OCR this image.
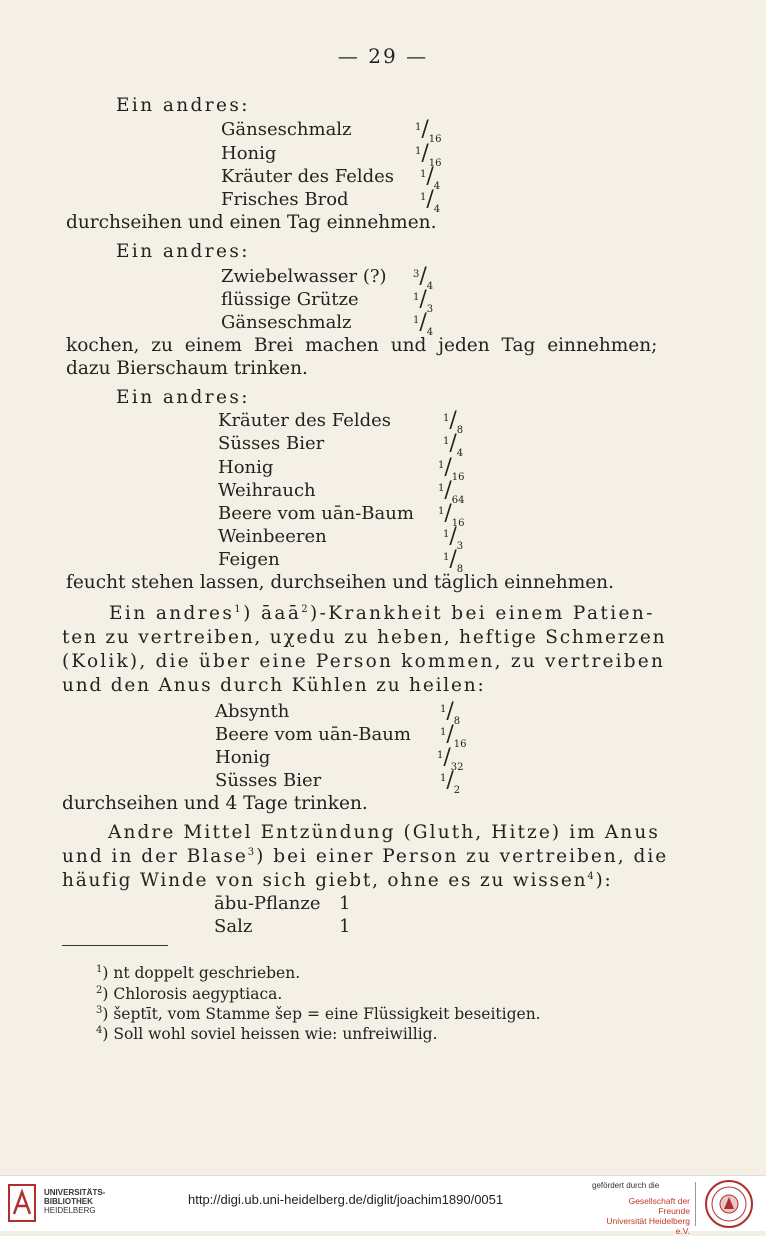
— 29 —
Ein andres:
Gänseschmalz	$^1/_{16}$
Honig	$^1/_{16}$
Kräuter des Feldes	$^1/_4$
Frisches Brod	$^1/_4$
durchseihen und einen Tag einnehmen.
Ein andres:
Zwiebelwasser (?)	$^3/_4$
flüssige Grütze	$^1/_3$
Gänseschmalz	$^1/_4$
kochen, zu einem Brei machen und jeden Tag einnehmen;
dazu Bierschaum trinken.
Ein andres:
Kräuter des Feldes	$^1/_8$
Süsses Bier	$^1/_4$
Honig	$^1/_{16}$
Weihrauch	$^1/_{64}$
Beere vom uān-Baum $^1/_{16}$
Weinbeeren	$^1/_3$
Feigen	$^1/_8$
feucht stehen lassen, durchseihen und täglich einnehmen.
Ein andres$^1$) āaā$^2$)-Krankheit bei einem Patien-
ten zu vertreiben, uχedu zu heben, heftige Schmerzen
(Kolik), die über eine Person kommen, zu vertreiben
und den Anus durch Kühlen zu heilen:
Absynth	$^1/_8$
Beere vom uān-Baum	$^1/_{16}$
Honig	$^1/_{32}$
Süsses Bier	$^1/_2$
durchseihen und 4 Tage trinken.
Andre Mittel Entzündung (Gluth, Hitze) im Anus
und in der Blase$^3$) bei einer Person zu vertreiben, die
häufig Winde von sich giebt, ohne es zu wissen$^4$):
ābu-Pflanze 1
Salz	1
$^1$) nt doppelt geschrieben.
$^2$) Chlorosis aegyptiaca.
$^3$) šeptīt, vom Stamme šep = eine Flüssigkeit beseitigen.
$^4$) Soll wohl soviel heissen wie: unfreiwillig.
UNIVERSITÄTS-
BIBLIOTHEK
HEIDELBERG
http://digi.ub.uni-heidelberg.de/diglit/joachim1890/0051
gefördert durch die
Gesellschaft der Freunde
Universität Heidelberg e.V.
